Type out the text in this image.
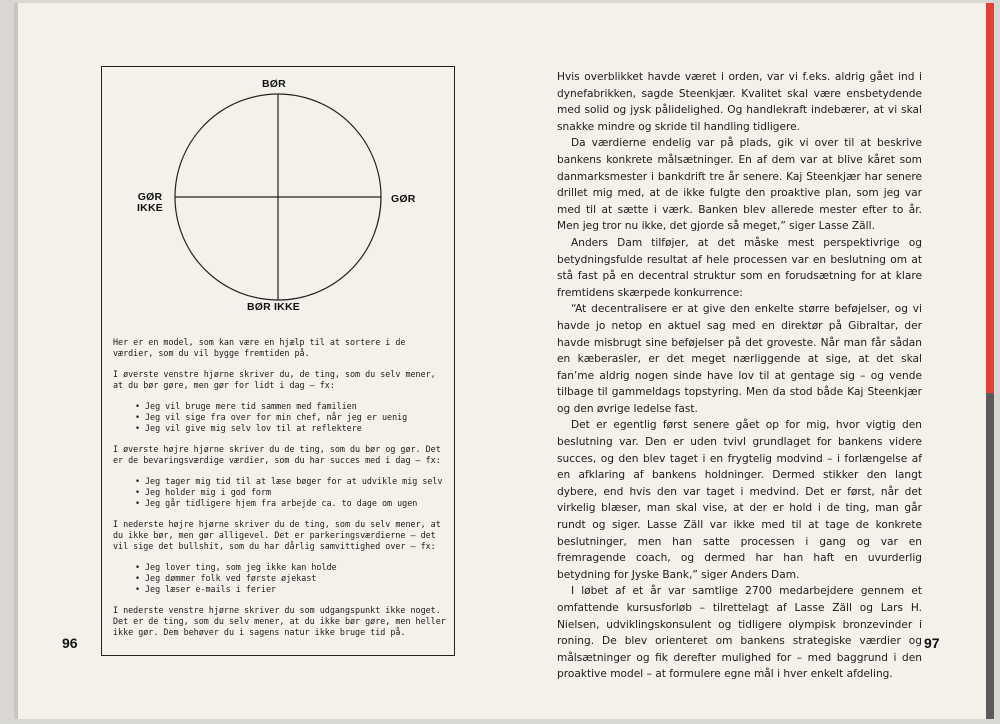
BØR
GØR
IKKE
GØR
BØR IKKE

Her er en model, som kan være en hjælp til at sortere i de værdier, som du vil bygge fremtiden på.

I øverste venstre hjørne skriver du, de ting, som du selv mener, at du bør gøre, men gør for lidt i dag – fx:

• Jeg vil bruge mere tid sammen med familien
• Jeg vil sige fra over for min chef, når jeg er uenig
• Jeg vil give mig selv lov til at reflektere

I øverste højre hjørne skriver du de ting, som du bør og gør. Det er de bevaringsværdige værdier, som du har succes med i dag – fx:

• Jeg tager mig tid til at læse bøger for at udvikle mig selv
• Jeg holder mig i god form
• Jeg går tidligere hjem fra arbejde ca. to dage om ugen

I nederste højre hjørne skriver du de ting, som du selv mener, at du ikke bør, men gør alligevel. Det er parkeringsværdierne – det vil sige det bullshit, som du har dårlig samvittighed over – fx:

• Jeg lover ting, som jeg ikke kan holde
• Jeg dømmer folk ved første øjekast
• Jeg læser e-mails i ferier

I nederste venstre hjørne skriver du som udgangspunkt ikke noget. Det er de ting, som du selv mener, at du ikke bør gøre, men heller ikke gør. Dem behøver du i sagens natur ikke bruge tid på.

96

Hvis overblikket havde været i orden, var vi f.eks. aldrig gået ind i dynefabrikken, sagde Steenkjær. Kvalitet skal være ensbetydende med solid og jysk pålidelighed. Og handlekraft indebærer, at vi skal snakke mindre og skride til handling tidligere.

Da værdierne endelig var på plads, gik vi over til at beskrive bankens konkrete målsætninger. En af dem var at blive kåret som danmarksmester i bankdrift tre år senere. Kaj Steenkjær har senere drillet mig med, at de ikke fulgte den proaktive plan, som jeg var med til at sætte i værk. Banken blev allerede mester efter to år. Men jeg tror nu ikke, det gjorde så meget,” siger Lasse Zäll.

Anders Dam tilføjer, at det måske mest perspektivrige og betydningsfulde resultat af hele processen var en beslutning om at stå fast på en decentral struktur som en forudsætning for at klare fremtidens skærpede konkurrence:

“At decentralisere er at give den enkelte større beføjelser, og vi havde jo netop en aktuel sag med en direktør på Gibraltar, der havde misbrugt sine beføjelser på det groveste. Når man får sådan en kæberasler, er det meget nærliggende at sige, at det skal fan’me aldrig nogen sinde have lov til at gentage sig – og vende tilbage til gammeldags topstyring. Men da stod både Kaj Steenkjær og den øvrige ledelse fast.

Det er egentlig først senere gået op for mig, hvor vigtig den beslutning var. Den er uden tvivl grundlaget for bankens videre succes, og den blev taget i en frygtelig modvind – i forlængelse af en afklaring af bankens holdninger. Dermed stikker den langt dybere, end hvis den var taget i medvind. Det er først, når det virkelig blæser, man skal vise, at der er hold i de ting, man går rundt og siger. Lasse Zäll var ikke med til at tage de konkrete beslutninger, men han satte processen i gang og var en fremragende coach, og dermed har han haft en uvurderlig betydning for Jyske Bank,” siger Anders Dam.

I løbet af et år var samtlige 2700 medarbejdere gennem et omfattende kursusforløb – tilrettelagt af Lasse Zäll og Lars H. Nielsen, udviklingskonsulent og tidligere olympisk bronzevinder i roning. De blev orienteret om bankens strategiske værdier og målsætninger og fik derefter mulighed for – med baggrund i den proaktive model – at formulere egne mål i hver enkelt afdeling.

97
